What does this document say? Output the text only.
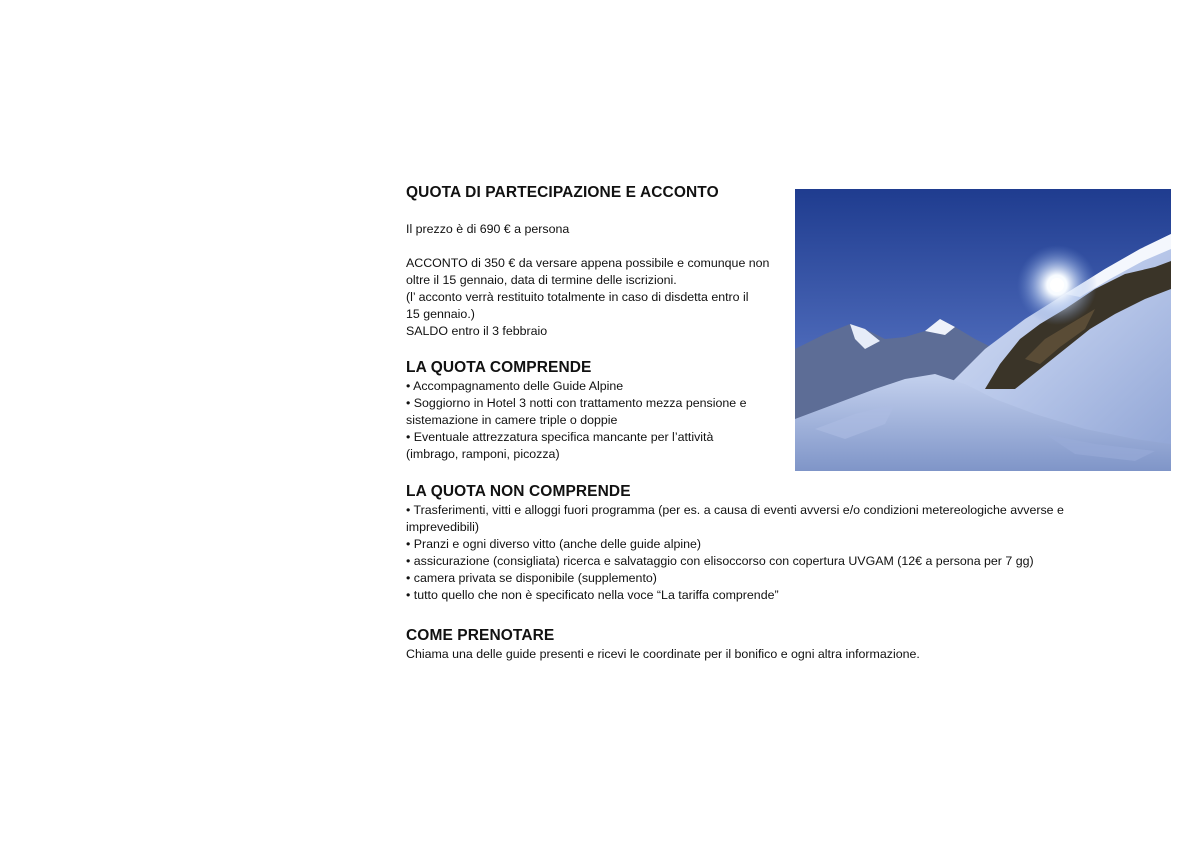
QUOTA DI PARTECIPAZIONE E ACCONTO
Il prezzo è di 690 € a persona
ACCONTO di 350 € da versare appena possibile e comunque non
oltre il 15 gennaio, data di termine delle iscrizioni.
(l’ acconto verrà restituito totalmente in caso di disdetta entro il
15 gennaio.)
SALDO entro il 3 febbraio
LA QUOTA COMPRENDE
• Accompagnamento delle Guide Alpine
• Soggiorno in Hotel 3 notti con trattamento mezza pensione e
sistemazione in camere triple o doppie
• Eventuale attrezzatura specifica mancante per l’attività
(imbrago, ramponi, picozza)
LA QUOTA NON COMPRENDE
• Trasferimenti, vitti e alloggi fuori programma (per es. a causa di eventi avversi e/o condizioni metereologiche avverse e
imprevedibili)
• Pranzi e ogni diverso vitto (anche delle guide alpine)
• assicurazione (consigliata) ricerca e salvataggio con elisoccorso con copertura UVGAM (12€ a persona per 7 gg)
• camera privata se disponibile (supplemento)
• tutto quello che non è specificato nella voce “La tariffa comprende”
COME PRENOTARE
Chiama una delle guide presenti e ricevi le coordinate per il bonifico e ogni altra informazione.
